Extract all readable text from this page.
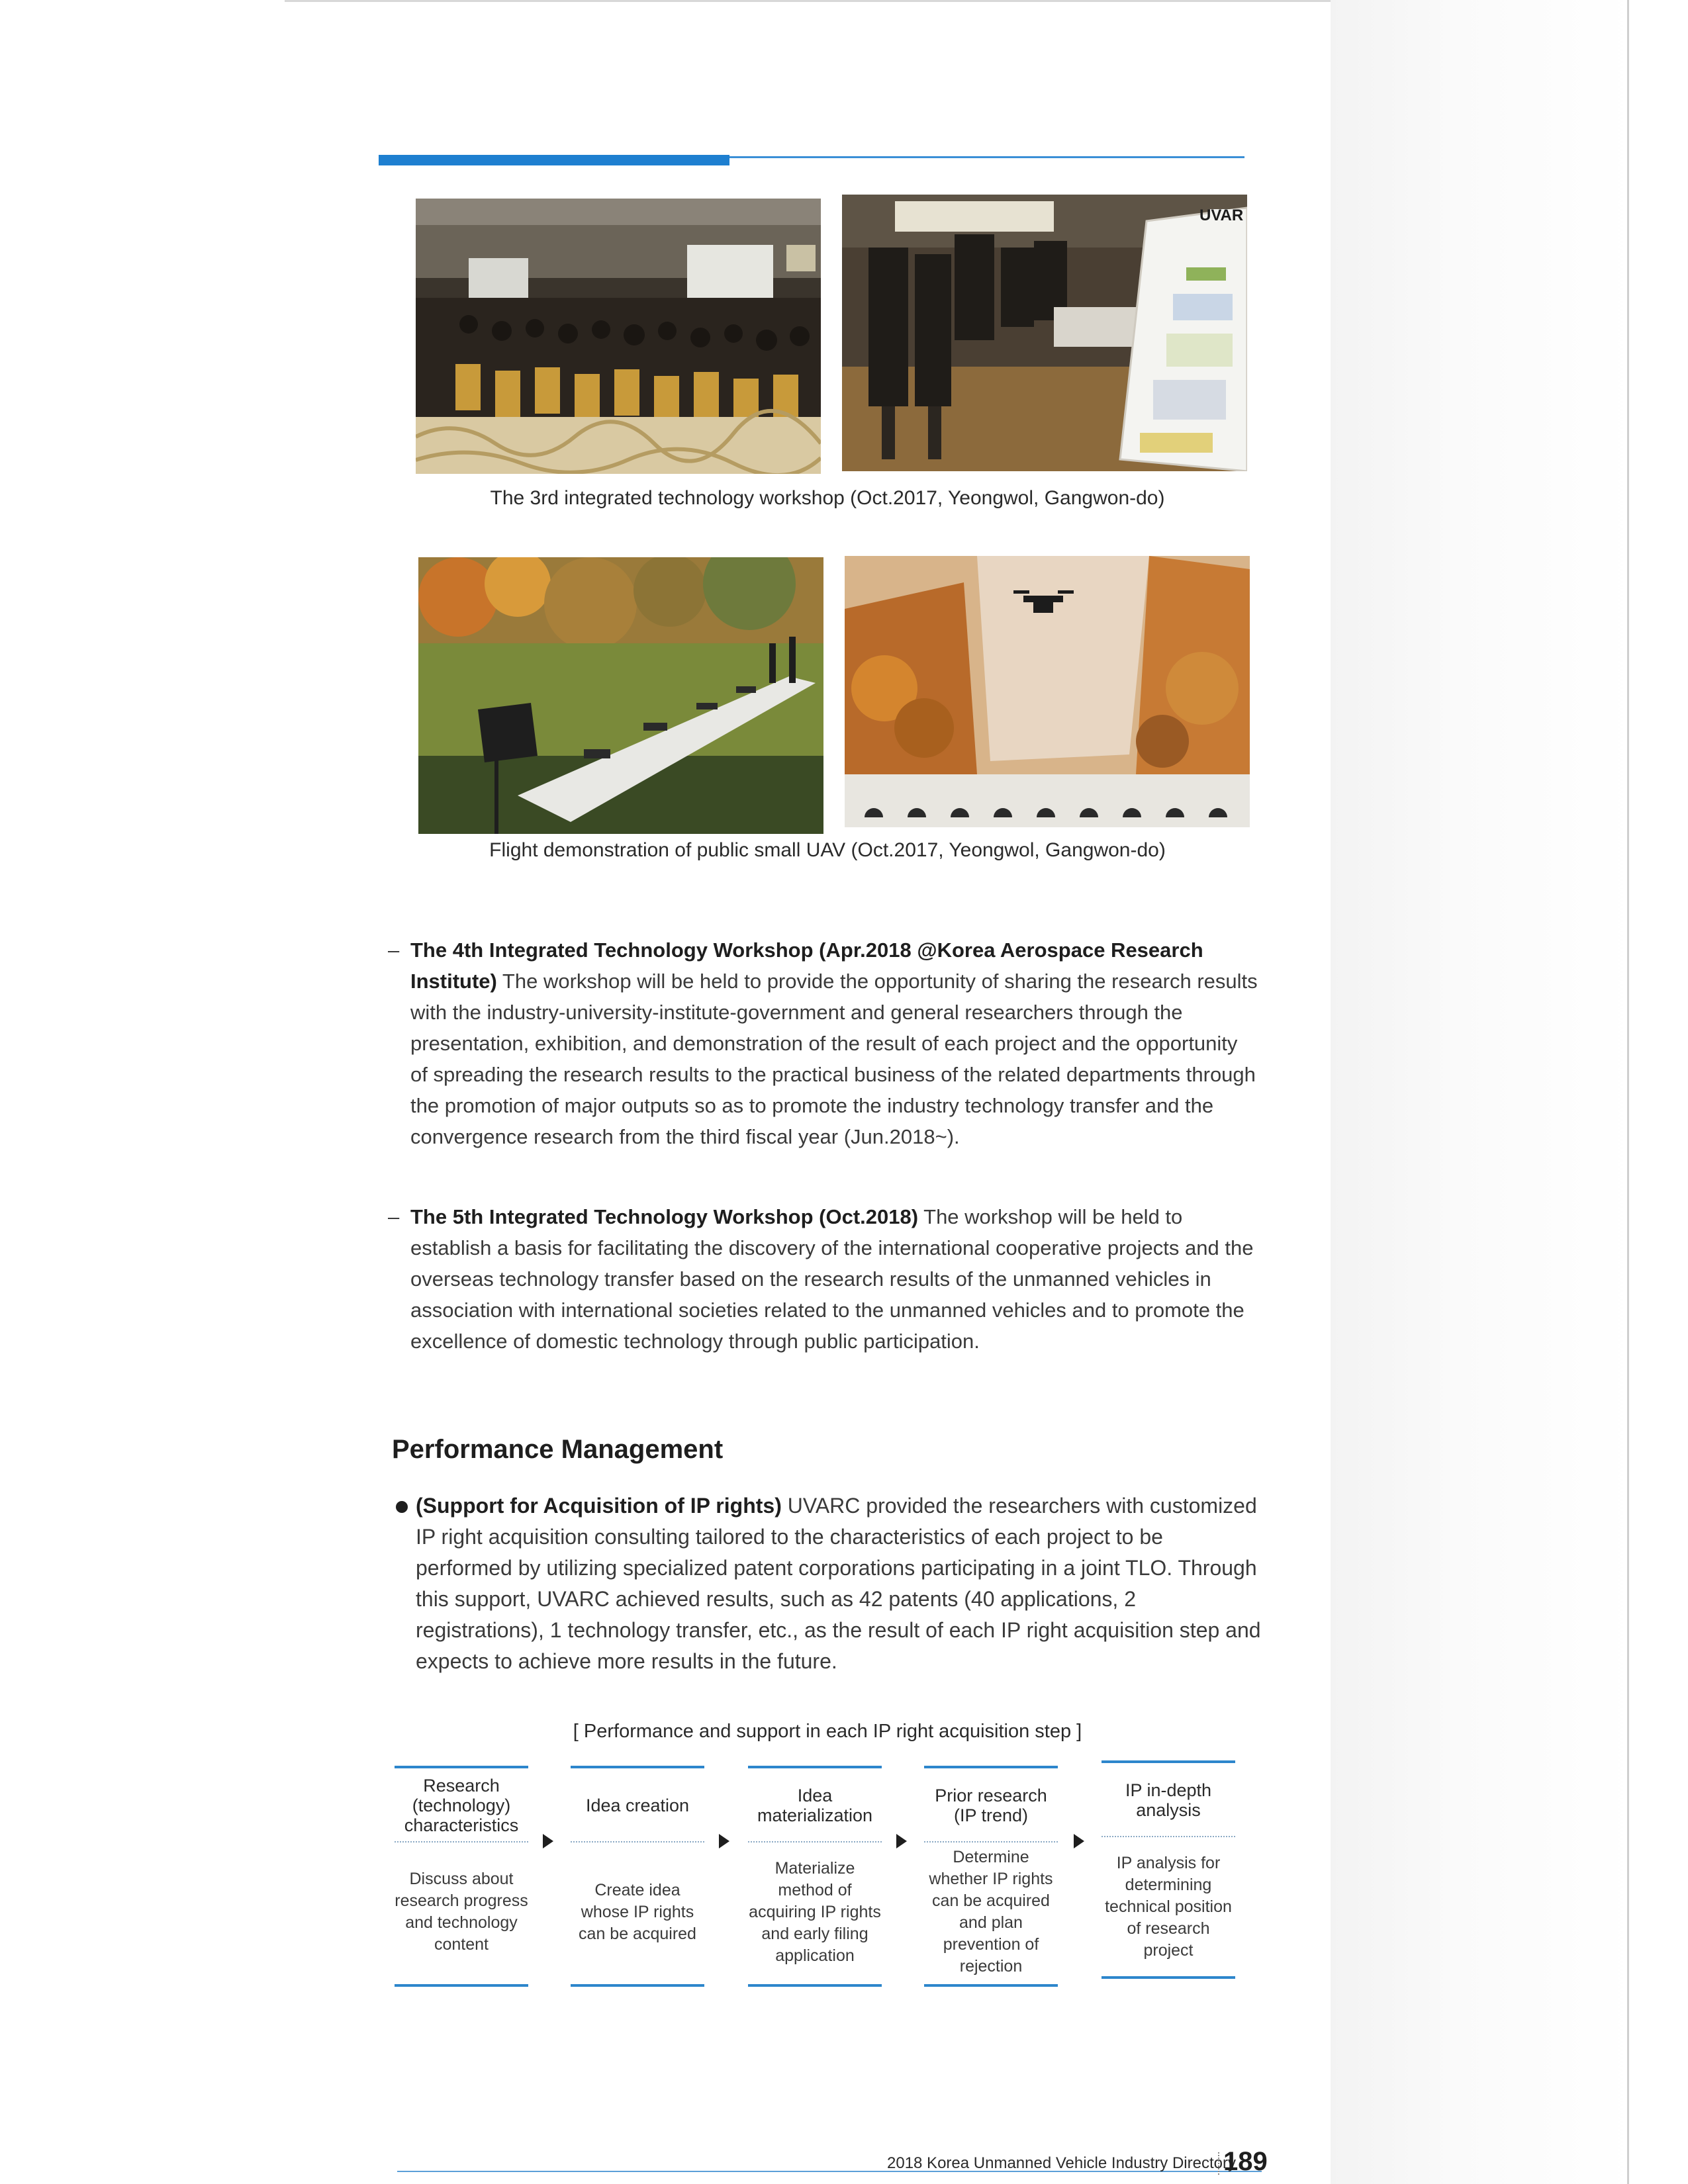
UVAR
The 3rd integrated technology workshop (Oct.2017, Yeongwol, Gangwon-do)
Flight demonstration of public small UAV (Oct.2017, Yeongwol, Gangwon-do)
– The 4th Integrated Technology Workshop (Apr.2018 @Korea Aerospace Research Institute) The workshop will be held to provide the opportunity of sharing the research results with the industry-university-institute-government and general researchers through the presentation, exhibition, and demonstration of the result of each project and the opportunity of spreading the research results to the practical business of the related departments through the promotion of major outputs so as to promote the industry technology transfer and the convergence research from the third fiscal year (Jun.2018~).
– The 5th Integrated Technology Workshop (Oct.2018) The workshop will be held to establish a basis for facilitating the discovery of the international cooperative projects and the overseas technology transfer based on the research results of the unmanned vehicles in association with international societies related to the unmanned vehicles and to promote the excellence of domestic technology through public participation.
Performance Management
(Support for Acquisition of IP rights) UVARC provided the researchers with customized IP right acquisition consulting tailored to the characteristics of each project to be performed by utilizing specialized patent corporations participating in a joint TLO. Through this support, UVARC achieved results, such as 42 patents (40 applications, 2 registrations), 1 technology transfer, etc., as the result of each IP right acquisition step and expects to achieve more results in the future.
[ Performance and support in each IP right acquisition step ]
Research (technology) characteristics
Discuss about research progress and technology content
Idea creation
Create idea whose IP rights can be acquired
Idea materialization
Materialize method of acquiring IP rights and early filing application
Prior research (IP trend)
Determine whether IP rights can be acquired and plan prevention of rejection
IP in-depth analysis
IP analysis for determining technical position of research project
2018 Korea Unmanned Vehicle Industry Directory
189
